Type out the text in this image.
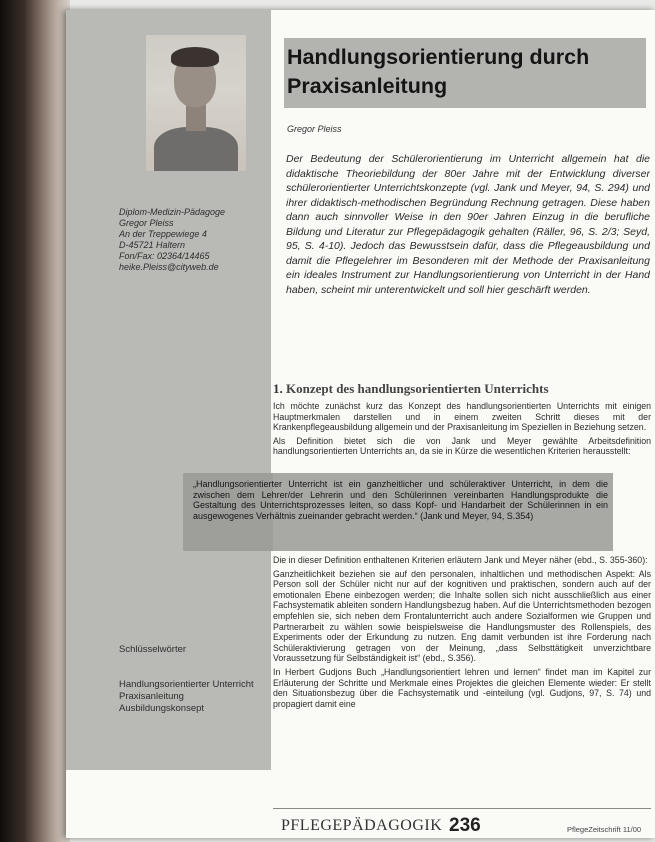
Diplom-Medizin-Pädagoge
Gregor Pleiss
An der Treppewiege 4
D-45721 Haltern
Fon/Fax: 02364/14465
heike.Pleiss@cityweb.de
Schlüsselwörter
Handlungsorientierter Unterricht
Praxisanleitung
Ausbildungskonsept
Handlungsorientierung durch
Praxisanleitung
Gregor Pleiss
Der Bedeutung der Schülerorientierung im Unterricht allgemein hat die didaktische Theoriebildung der 80er Jahre mit der Entwicklung diverser schülerorientierter Unterrichtskonzepte (vgl. Jank und Meyer, 94, S. 294) und ihrer didaktisch-methodischen Begründung Rechnung getragen. Diese haben dann auch sinnvoller Weise in den 90er Jahren Einzug in die berufliche Bildung und Literatur zur Pflegepädagogik gehalten (Räller, 96, S. 2/3; Seyd, 95, S. 4-10). Jedoch das Bewusstsein dafür, dass die Pflegeausbildung und damit die Pflegelehrer im Besonderen mit der Methode der Praxisanleitung ein ideales Instrument zur Handlungsorientierung von Unterricht in der Hand haben, scheint mir unterentwickelt und soll hier geschärft werden.
1. Konzept des handlungsorientierten Unterrichts

Ich möchte zunächst kurz das Konzept des handlungsorientierten Unterrichts mit einigen Hauptmerkmalen darstellen und in einem zweiten Schritt dieses mit der Krankenpflegeausbildung allgemein und der Praxisanleitung im Speziellen in Beziehung setzen.

Als Definition bietet sich die von Jank und Meyer gewählte Arbeitsdefinition handlungsorientierten Unterrichts an, da sie in Kürze die wesentlichen Kriterien herausstellt:

„Handlungsorientierter Unterricht ist ein ganzheitlicher und schüleraktiver Unterricht, in dem die zwischen dem Lehrer/der Lehrerin und den Schülerinnen vereinbarten Handlungsprodukte die Gestaltung des Unterrichtsprozesses leiten, so dass Kopf- und Handarbeit der Schülerinnen in ein ausgewogenes Verhältnis zueinander gebracht werden.“ (Jank und Meyer, 94, S.354)

Die in dieser Definition enthaltenen Kriterien erläutern Jank und Meyer näher (ebd., S. 355-360):

Ganzheitlichkeit beziehen sie auf den personalen, inhaltlichen und methodischen Aspekt: Als Person soll der Schüler nicht nur auf der kognitiven und praktischen, sondern auch auf der emotionalen Ebene einbezogen werden; die Inhalte sollen sich nicht ausschließlich aus einer Fachsystematik ableiten sondern Handlungsbezug haben. Auf die Unterrichtsmethoden bezogen empfehlen sie, sich neben dem Frontalunterricht auch andere Sozialformen wie Gruppen und Partnerarbeit zu wählen sowie beispielsweise die Handlungsmuster des Rollenspiels, des Experiments oder der Erkundung zu nutzen. Eng damit verbunden ist ihre Forderung nach Schüleraktivierung getragen von der Meinung, „dass Selbsttätigkeit unverzichtbare Voraussetzung für Selbständigkeit ist“ (ebd., S.356).

In Herbert Gudjons Buch „Handlungsorientiert lehren und lernen“ findet man im Kapitel zur Erläuterung der Schritte und Merkmale eines Projektes die gleichen Elemente wieder: Er stellt den Situationsbezug über die Fachsystematik und -einteilung (vgl. Gudjons, 97, S. 74) und propagiert damit eine

PFLEGEPÄDAGOGIK 236	PflegeZeitschrift 11/00
